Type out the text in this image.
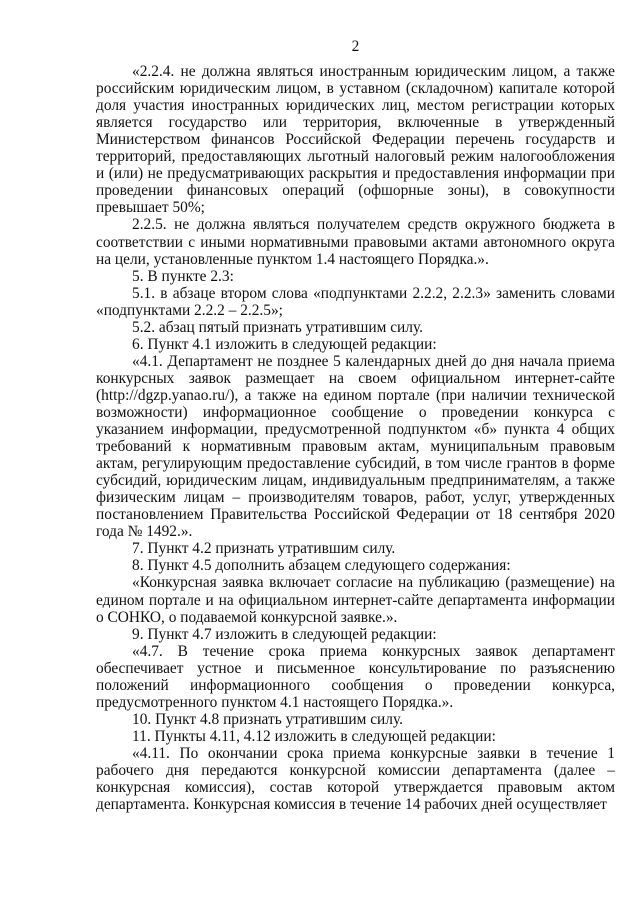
2

«2.2.4. не должна являться иностранным юридическим лицом, а также российским юридическим лицом, в уставном (складочном) капитале которой доля участия иностранных юридических лиц, местом регистрации которых является государство или территория, включенные в утвержденный Министерством финансов Российской Федерации перечень государств и территорий, предоставляющих льготный налоговый режим налогообложения и (или) не предусматривающих раскрытия и предоставления информации при проведении финансовых операций (офшорные зоны), в совокупности превышает 50%;

2.2.5. не должна являться получателем средств окружного бюджета в соответствии с иными нормативными правовыми актами автономного округа на цели, установленные пунктом 1.4 настоящего Порядка.».

5. В пункте 2.3:

5.1. в абзаце втором слова «подпунктами 2.2.2, 2.2.3» заменить словами «подпунктами 2.2.2 – 2.2.5»;

5.2. абзац пятый признать утратившим силу.

6. Пункт 4.1 изложить в следующей редакции:

«4.1. Департамент не позднее 5 календарных дней до дня начала приема конкурсных заявок размещает на своем официальном интернет-сайте (http://dgzp.yanao.ru/), а также на едином портале (при наличии технической возможности) информационное сообщение о проведении конкурса с указанием информации, предусмотренной подпунктом «б» пункта 4 общих требований к нормативным правовым актам, муниципальным правовым актам, регулирующим предоставление субсидий, в том числе грантов в форме субсидий, юридическим лицам, индивидуальным предпринимателям, а также физическим лицам – производителям товаров, работ, услуг, утвержденных постановлением Правительства Российской Федерации от 18 сентября 2020 года № 1492.».

7. Пункт 4.2 признать утратившим силу.

8. Пункт 4.5 дополнить абзацем следующего содержания:

«Конкурсная заявка включает согласие на публикацию (размещение) на едином портале и на официальном интернет-сайте департамента информации о СОНКО, о подаваемой конкурсной заявке.».

9. Пункт 4.7 изложить в следующей редакции:

«4.7. В течение срока приема конкурсных заявок департамент обеспечивает устное и письменное консультирование по разъяснению положений информационного сообщения о проведении конкурса, предусмотренного пунктом 4.1 настоящего Порядка.».

10. Пункт 4.8 признать утратившим силу.

11. Пункты 4.11, 4.12 изложить в следующей редакции:

«4.11. По окончании срока приема конкурсные заявки в течение 1 рабочего дня передаются конкурсной комиссии департамента (далее – конкурсная комиссия), состав которой утверждается правовым актом департамента. Конкурсная комиссия в течение 14 рабочих дней осуществляет
